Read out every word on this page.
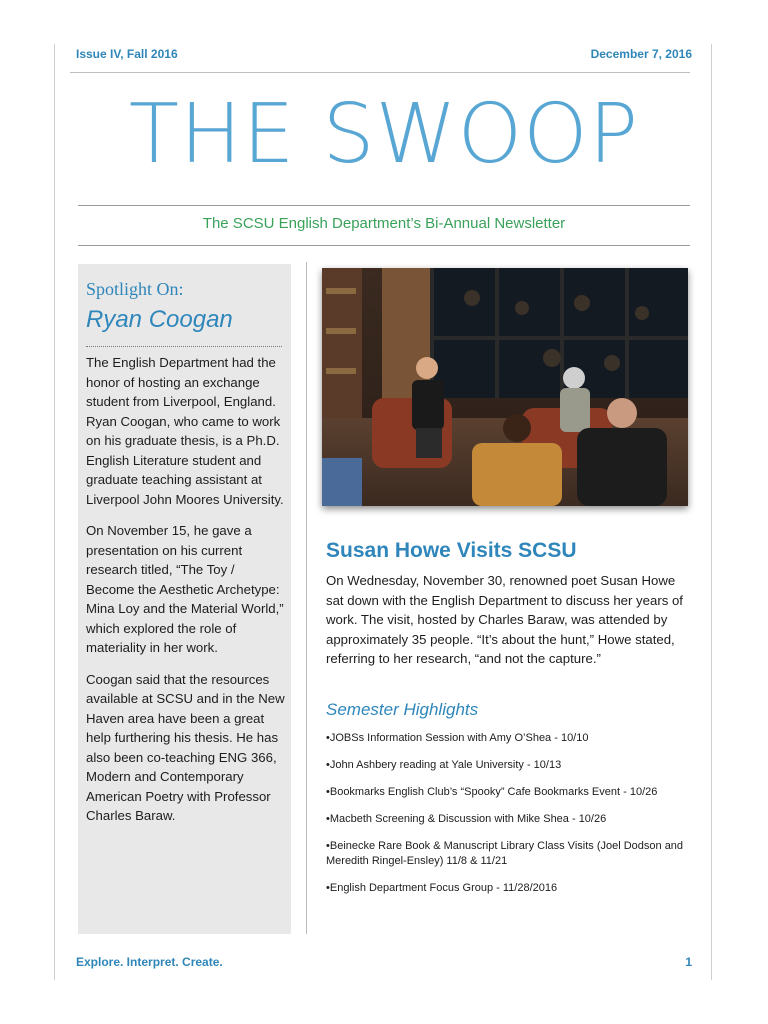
Issue IV, Fall 2016	December 7, 2016
THE SWOOP
The SCSU English Department’s Bi-Annual Newsletter
Spotlight On:
Ryan Coogan

The English Department had the honor of hosting an exchange student from Liverpool, England. Ryan Coogan, who came to work on his graduate thesis, is a Ph.D. English Literature student and graduate teaching assistant at Liverpool John Moores University.

On November 15, he gave a presentation on his current research titled, “The Toy / Become the Aesthetic Archetype: Mina Loy and the Material World,” which explored the role of materiality in her work.

Coogan said that the resources available at SCSU and in the New Haven area have been a great help furthering his thesis. He has also been co-teaching ENG 366, Modern and Contemporary American Poetry with Professor Charles Baraw.

Susan Howe Visits SCSU

On Wednesday, November 30, renowned poet Susan Howe sat down with the English Department to discuss her years of work. The visit, hosted by Charles Baraw, was attended by approximately 35 people. “It’s about the hunt,” Howe stated, referring to her research, “and not the capture.”

Semester Highlights
• JOBSs Information Session with Amy O’Shea - 10/10
• John Ashbery reading at Yale University - 10/13
• Bookmarks English Club’s “Spooky” Cafe Bookmarks Event - 10/26
• Macbeth Screening & Discussion with Mike Shea - 10/26
• Beinecke Rare Book & Manuscript Library Class Visits (Joel Dodson and Meredith Ringel-Ensley) 11/8 & 11/21
• English Department Focus Group - 11/28/2016
Explore. Interpret. Create.	1
